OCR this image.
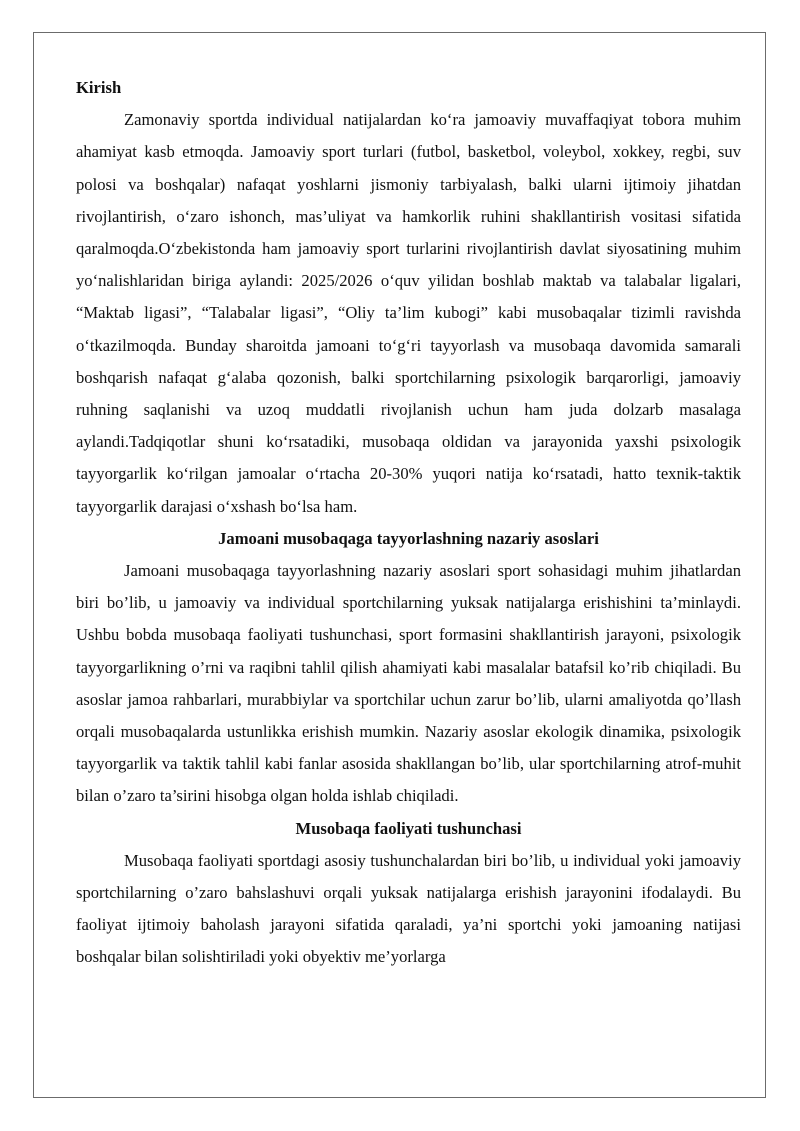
Kirish

Zamonaviy sportda individual natijalardan ko‘ra jamoaviy muvaffaqiyat tobora muhim ahamiyat kasb etmoqda. Jamoaviy sport turlari (futbol, basketbol, voleybol, xokkey, regbi, suv polosi va boshqalar) nafaqat yoshlarni jismoniy tarbiyalash, balki ularni ijtimoiy jihatdan rivojlantirish, o‘zaro ishonch, mas’uliyat va hamkorlik ruhini shakllantirish vositasi sifatida qaralmoqda.O‘zbekistonda ham jamoaviy sport turlarini rivojlantirish davlat siyosatining muhim yo‘nalishlaridan biriga aylandi: 2025/2026 o‘quv yilidan boshlab maktab va talabalar ligalari, “Maktab ligasi”, “Talabalar ligasi”, “Oliy ta’lim kubogi” kabi musobaqalar tizimli ravishda o‘tkazilmoqda. Bunday sharoitda jamoani to‘g‘ri tayyorlash va musobaqa davomida samarali boshqarish nafaqat g‘alaba qozonish, balki sportchilarning psixologik barqarorligi, jamoaviy ruhning saqlanishi va uzoq muddatli rivojlanish uchun ham juda dolzarb masalaga aylandi.Tadqiqotlar shuni ko‘rsatadiki, musobaqa oldidan va jarayonida yaxshi psixologik tayyorgarlik ko‘rilgan jamoalar o‘rtacha 20-30% yuqori natija ko‘rsatadi, hatto texnik-taktik tayyorgarlik darajasi o‘xshash bo‘lsa ham.

Jamoani musobaqaga tayyorlashning nazariy asoslari

Jamoani musobaqaga tayyorlashning nazariy asoslari sport sohasidagi muhim jihatlardan biri bo’lib, u jamoaviy va individual sportchilarning yuksak natijalarga erishishini ta’minlaydi. Ushbu bobda musobaqa faoliyati tushunchasi, sport formasini shakllantirish jarayoni, psixologik tayyorgarlikning o’rni va raqibni tahlil qilish ahamiyati kabi masalalar batafsil ko’rib chiqiladi. Bu asoslar jamoa rahbarlari, murabbiylar va sportchilar uchun zarur bo’lib, ularni amaliyotda qo’llash orqali musobaqalarda ustunlikka erishish mumkin. Nazariy asoslar ekologik dinamika, psixologik tayyorgarlik va taktik tahlil kabi fanlar asosida shakllangan bo’lib, ular sportchilarning atrof-muhit bilan o’zaro ta’sirini hisobga olgan holda ishlab chiqiladi.

Musobaqa faoliyati tushunchasi

Musobaqa faoliyati sportdagi asosiy tushunchalardan biri bo’lib, u individual yoki jamoaviy sportchilarning o’zaro bahslashuvi orqali yuksak natijalarga erishish jarayonini ifodalaydi. Bu faoliyat ijtimoiy baholash jarayoni sifatida qaraladi, ya’ni sportchi yoki jamoaning natijasi boshqalar bilan solishtiriladi yoki obyektiv me’yorlarga
